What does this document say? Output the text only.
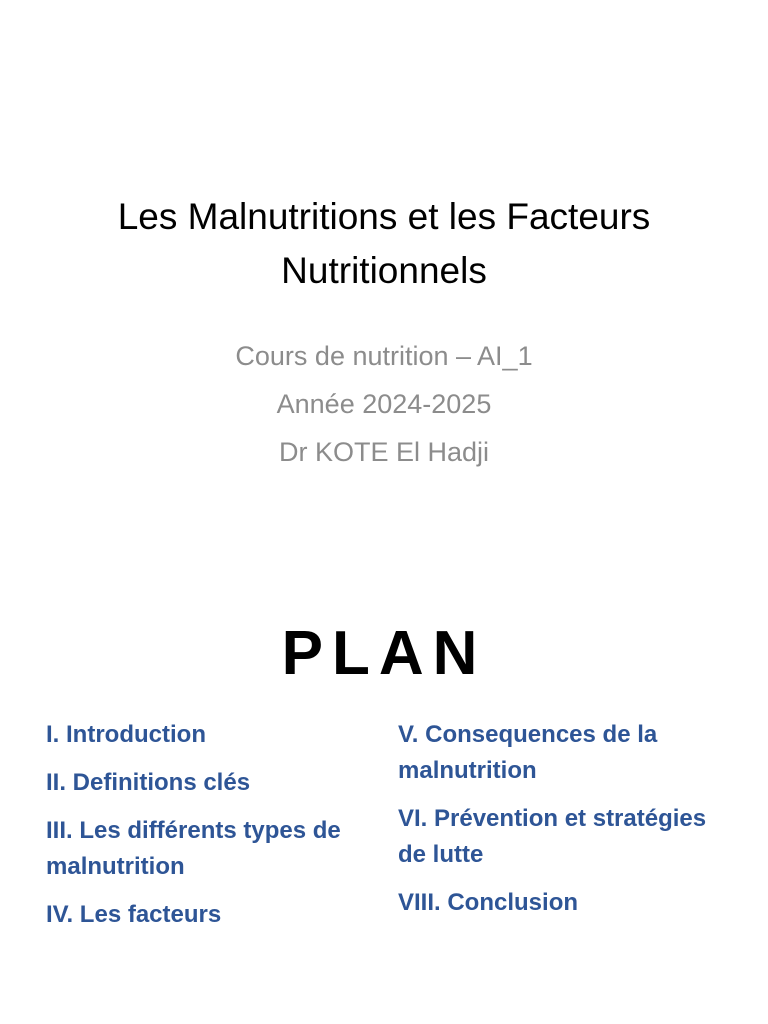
Les Malnutritions et les Facteurs
Nutritionnels
Cours de nutrition – AI_1
Année 2024-2025
Dr KOTE El Hadji
PLAN
I. Introduction
II. Definitions clés
III. Les différents types de malnutrition
IV. Les facteurs
V. Consequences de la malnutrition
VI. Prévention et stratégies de lutte
VIII. Conclusion
